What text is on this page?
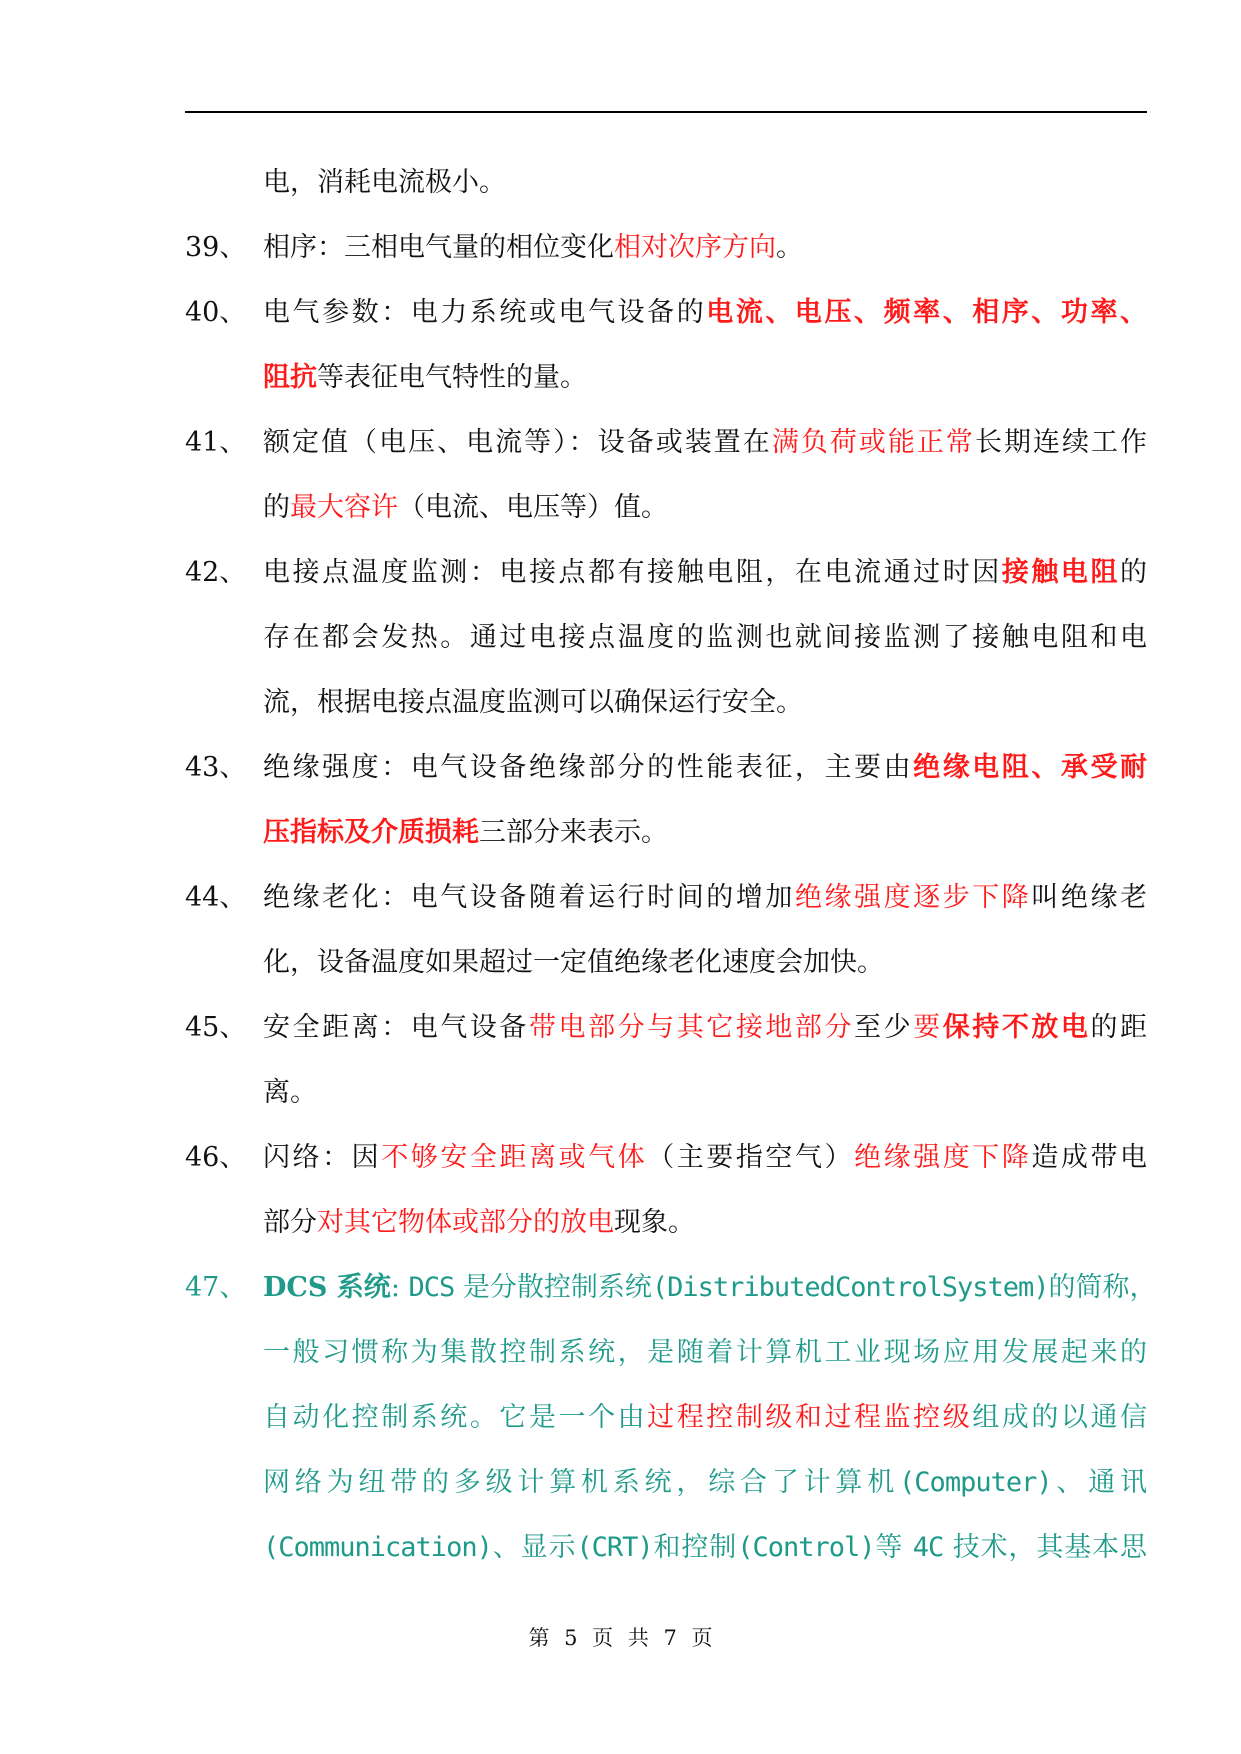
电，消耗电流极小。
39、 相序：三相电气量的相位变化相对次序方向。
40、 电气参数：电力系统或电气设备的电流、电压、频率、相序、功率、
阻抗等表征电气特性的量。
41、 额定值（电压、电流等）：设备或装置在满负荷或能正常长期连续工作
的最大容许（电流、电压等）值。
42、 电接点温度监测：电接点都有接触电阻，在电流通过时因接触电阻的
存在都会发热。通过电接点温度的监测也就间接监测了接触电阻和电
流，根据电接点温度监测可以确保运行安全。
43、 绝缘强度：电气设备绝缘部分的性能表征，主要由绝缘电阻、承受耐
压指标及介质损耗三部分来表示。
44、 绝缘老化：电气设备随着运行时间的增加绝缘强度逐步下降叫绝缘老
化，设备温度如果超过一定值绝缘老化速度会加快。
45、 安全距离：电气设备带电部分与其它接地部分至少要保持不放电的距
离。
46、 闪络：因不够安全距离或气体（主要指空气）绝缘强度下降造成带电
部分对其它物体或部分的放电现象。
47、 DCS 系统: DCS 是分散控制系统(DistributedControlSystem)的简称，
一般习惯称为集散控制系统，是随着计算机工业现场应用发展起来的
自动化控制系统。它是一个由过程控制级和过程监控级组成的以通信
网络为纽带的多级计算机系统，综合了计算机(Computer)、通讯
(Communication)、显示(CRT)和控制(Control)等 4C 技术，其基本思
第 5 页 共 7 页
